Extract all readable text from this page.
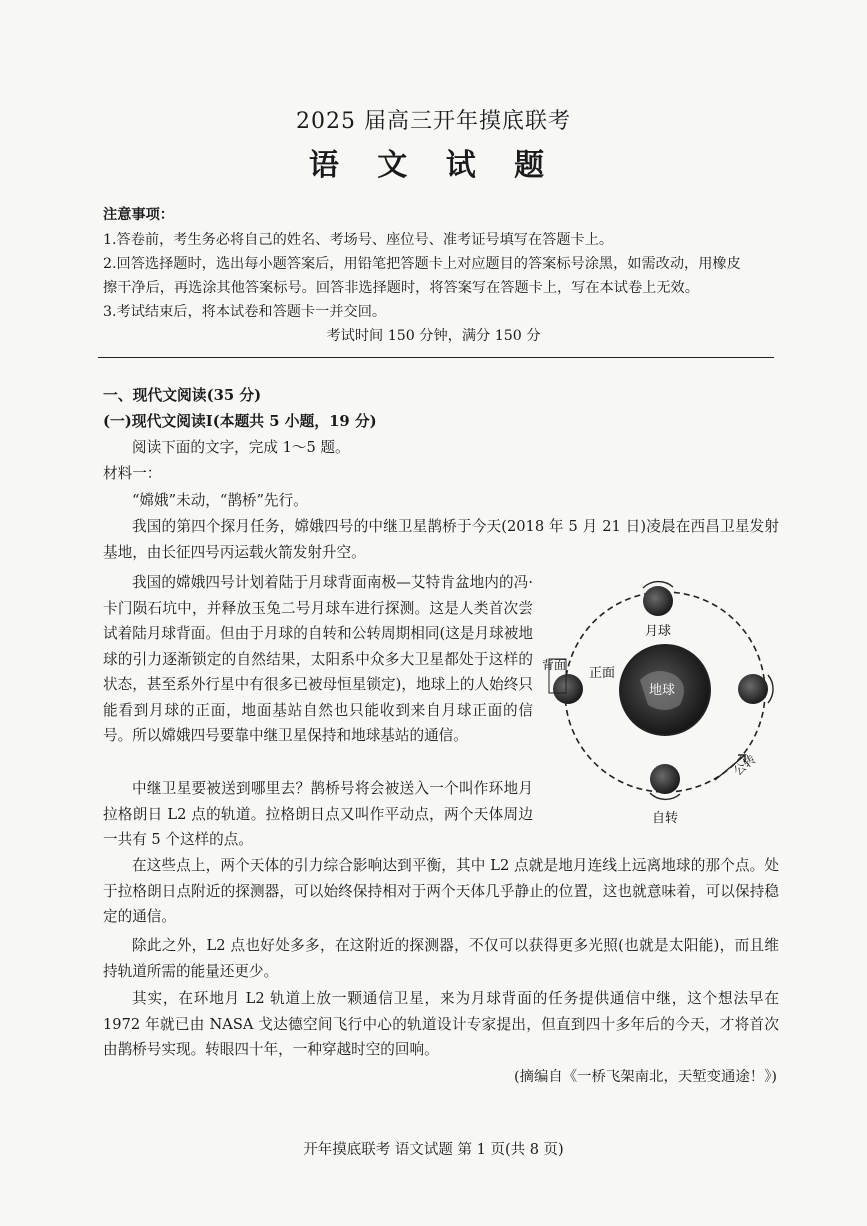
2025 届高三开年摸底联考
语 文 试 题
注意事项：
1.答卷前，考生务必将自己的姓名、考场号、座位号、准考证号填写在答题卡上。
2.回答选择题时，选出每小题答案后，用铅笔把答题卡上对应题目的答案标号涂黑，如需改动，用橡皮
擦干净后，再选涂其他答案标号。回答非选择题时，将答案写在答题卡上，写在本试卷上无效。
3.考试结束后，将本试卷和答题卡一并交回。
考试时间 150 分钟，满分 150 分
一、现代文阅读(35 分)
(一)现代文阅读Ⅰ(本题共 5 小题，19 分)
阅读下面的文字，完成 1～5 题。
材料一：
“嫦娥”未动，“鹊桥”先行。
我国的第四个探月任务，嫦娥四号的中继卫星鹊桥于今天(2018 年 5 月 21 日)凌晨在西昌卫星发射基地，由长征四号丙运载火箭发射升空。
我国的嫦娥四号计划着陆于月球背面南极—艾特肯盆地内的冯·卡门陨石坑中，并释放玉兔二号月球车进行探测。这是人类首次尝试着陆月球背面。但由于月球的自转和公转周期相同(这是月球被地球的引力逐渐锁定的自然结果，太阳系中众多大卫星都处于这样的状态，甚至系外行星中有很多已被母恒星锁定)，地球上的人始终只能看到月球的正面，地面基站自然也只能收到来自月球正面的信号。所以嫦娥四号要靠中继卫星保持和地球基站的通信。
中继卫星要被送到哪里去？鹊桥号将会被送入一个叫作环地月拉格朗日 L2 点的轨道。拉格朗日点又叫作平动点，两个天体周边一共有 5 个这样的点。
在这些点上，两个天体的引力综合影响达到平衡，其中 L2 点就是地月连线上远离地球的那个点。处于拉格朗日点附近的探测器，可以始终保持相对于两个天体几乎静止的位置，这也就意味着，可以保持稳定的通信。
除此之外，L2 点也好处多多，在这附近的探测器，不仅可以获得更多光照(也就是太阳能)，而且维持轨道所需的能量还更少。
其实，在环地月 L2 轨道上放一颗通信卫星，来为月球背面的任务提供通信中继，这个想法早在 1972 年就已由 NASA 戈达德空间飞行中心的轨道设计专家提出，但直到四十多年后的今天，才将首次由鹊桥号实现。转眼四十年，一种穿越时空的回响。
(摘编自《一桥飞架南北，天堑变通途！》)
地球
月球
背面
正面
自转
公转
开年摸底联考 语文试题 第 1 页(共 8 页)
